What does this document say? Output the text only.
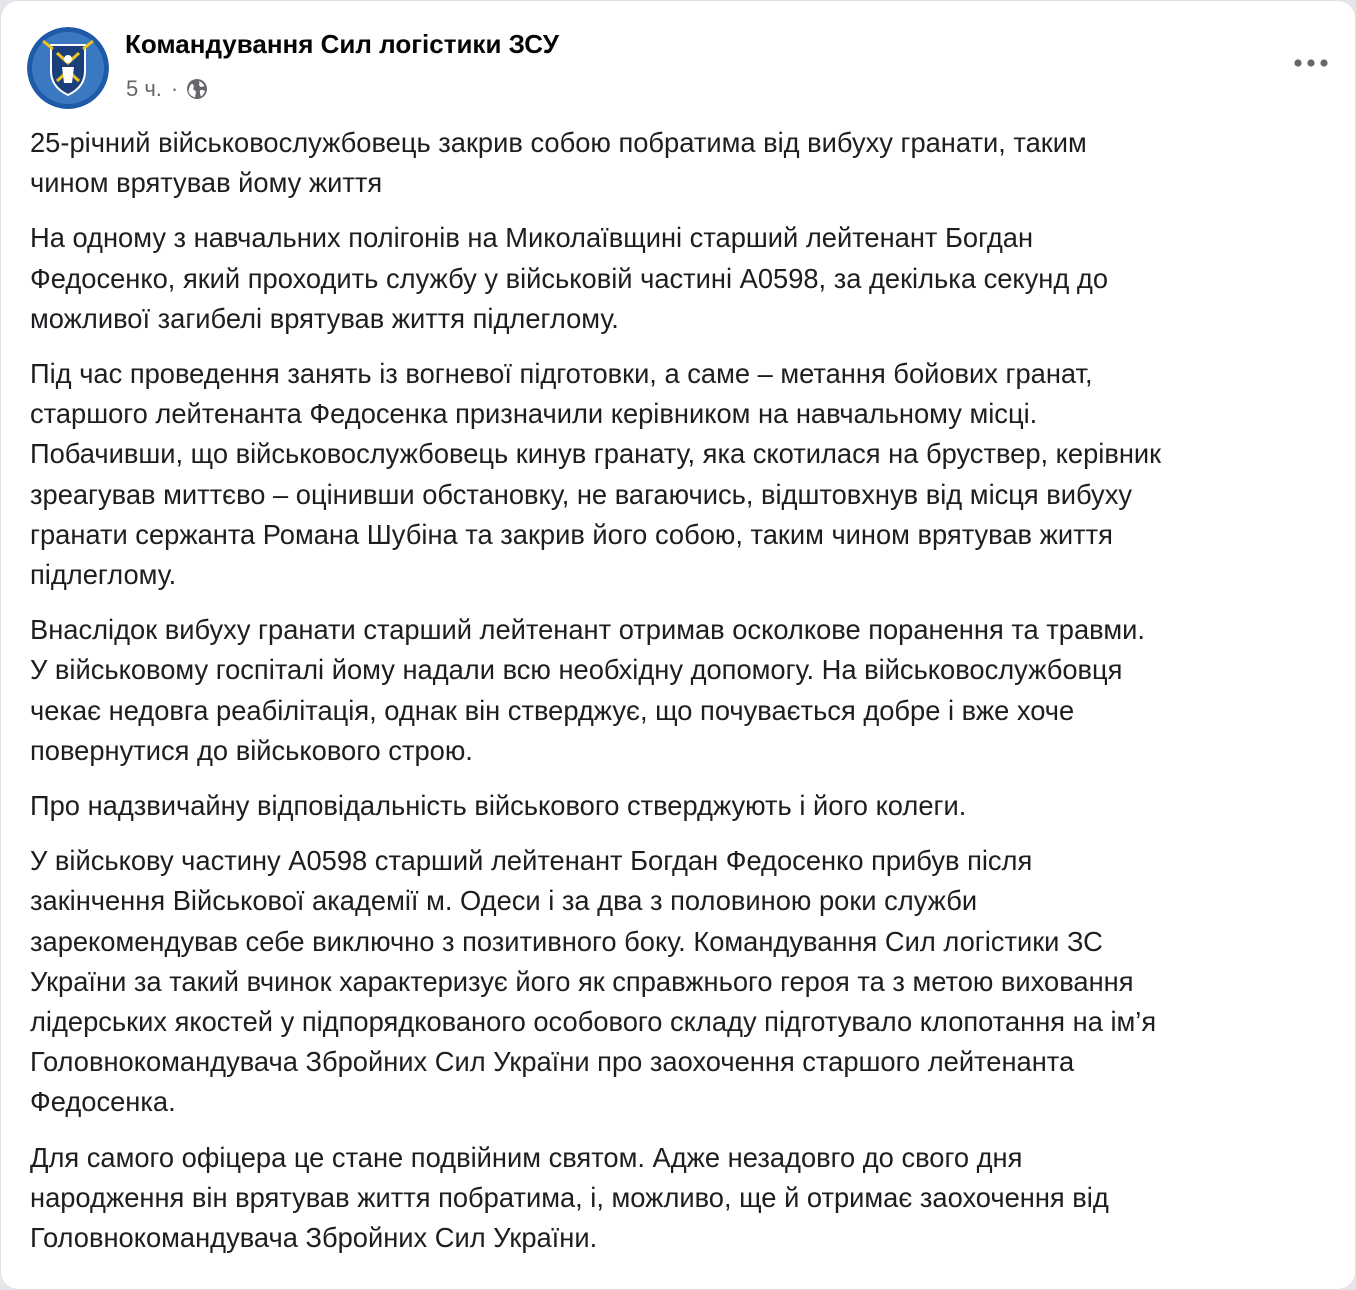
Командування Сил логістики ЗСУ
5 ч. ·

25-річний військовослужбовець закрив собою побратима від вибуху гранати, таким
чином врятував йому життя

На одному з навчальних полігонів на Миколаївщині старший лейтенант Богдан
Федосенко, який проходить службу у військовій частині А0598, за декілька секунд до
можливої загибелі врятував життя підлеглому.

Під час проведення занять із вогневої підготовки, а саме – метання бойових гранат,
старшого лейтенанта Федосенка призначили керівником на навчальному місці.
Побачивши, що військовослужбовець кинув гранату, яка скотилася на бруствер, керівник
зреагував миттєво – оцінивши обстановку, не вагаючись, відштовхнув від місця вибуху
гранати сержанта Романа Шубіна та закрив його собою, таким чином врятував життя
підлеглому.

Внаслідок вибуху гранати старший лейтенант отримав осколкове поранення та травми.
У військовому госпіталі йому надали всю необхідну допомогу. На військовослужбовця
чекає недовга реабілітація, однак він стверджує, що почувається добре і вже хоче
повернутися до військового строю.

Про надзвичайну відповідальність військового стверджують і його колеги.

У військову частину А0598 старший лейтенант Богдан Федосенко прибув після
закінчення Військової академії м. Одеси і за два з половиною роки служби
зарекомендував себе виключно з позитивного боку. Командування Сил логістики ЗС
України за такий вчинок характеризує його як справжнього героя та з метою виховання
лідерських якостей у підпорядкованого особового складу підготувало клопотання на ім’я
Головнокомандувача Збройних Сил України про заохочення старшого лейтенанта
Федосенка.

Для самого офіцера це стане подвійним святом. Адже незадовго до свого дня
народження він врятував життя побратима, і, можливо, ще й отримає заохочення від
Головнокомандувача Збройних Сил України.
